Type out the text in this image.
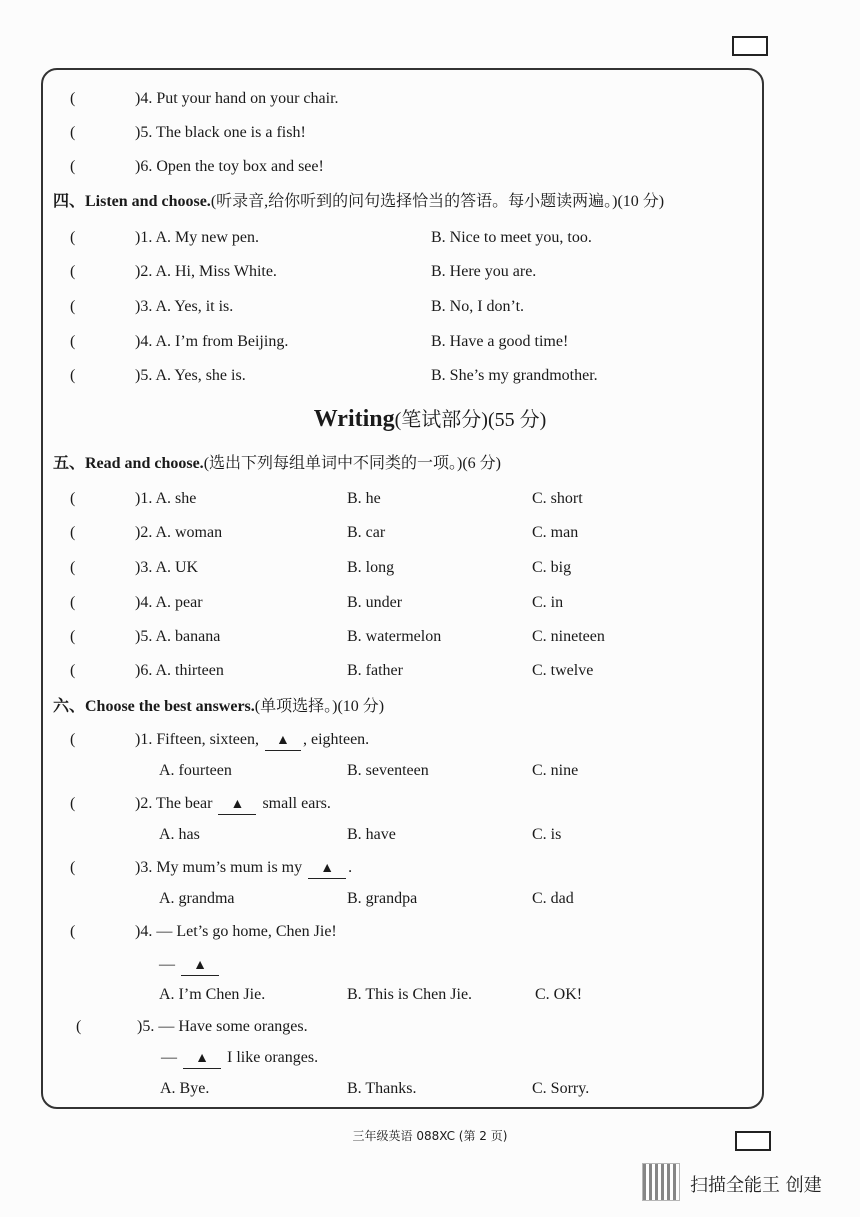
(	)4. Put your hand on your chair.
(	)5. The black one is a fish!
(	)6. Open the toy box and see!
四、Listen and choose.(听录音,给你听到的问句选择恰当的答语。每小题读两遍。)(10 分)
(	)1. A. My new pen.	B. Nice to meet you, too.
(	)2. A. Hi, Miss White.	B. Here you are.
(	)3. A. Yes, it is.	B. No, I don’t.
(	)4. A. I’m from Beijing.	B. Have a good time!
(	)5. A. Yes, she is.	B. She’s my grandmother.
Writing(笔试部分)(55 分)
五、Read and choose.(选出下列每组单词中不同类的一项。)(6 分)
(	)1. A. she	B. he	C. short
(	)2. A. woman	B. car	C. man
(	)3. A. UK	B. long	C. big
(	)4. A. pear	B. under	C. in
(	)5. A. banana	B. watermelon	C. nineteen
(	)6. A. thirteen	B. father	C. twelve
六、Choose the best answers.(单项选择。)(10 分)
(	)1. Fifteen, sixteen, ▲ , eighteen.
A. fourteen	B. seventeen	C. nine
(	)2. The bear ▲ small ears.
A. has	B. have	C. is
(	)3. My mum’s mum is my ▲ .
A. grandma	B. grandpa	C. dad
(	)4. — Let’s go home, Chen Jie!
— ▲
A. I’m Chen Jie.	B. This is Chen Jie.	C. OK!
(	)5. — Have some oranges.
— ▲ I like oranges.
A. Bye.	B. Thanks.	C. Sorry.
三年级英语 088XC (第 2 页)
扫描全能王 创建
